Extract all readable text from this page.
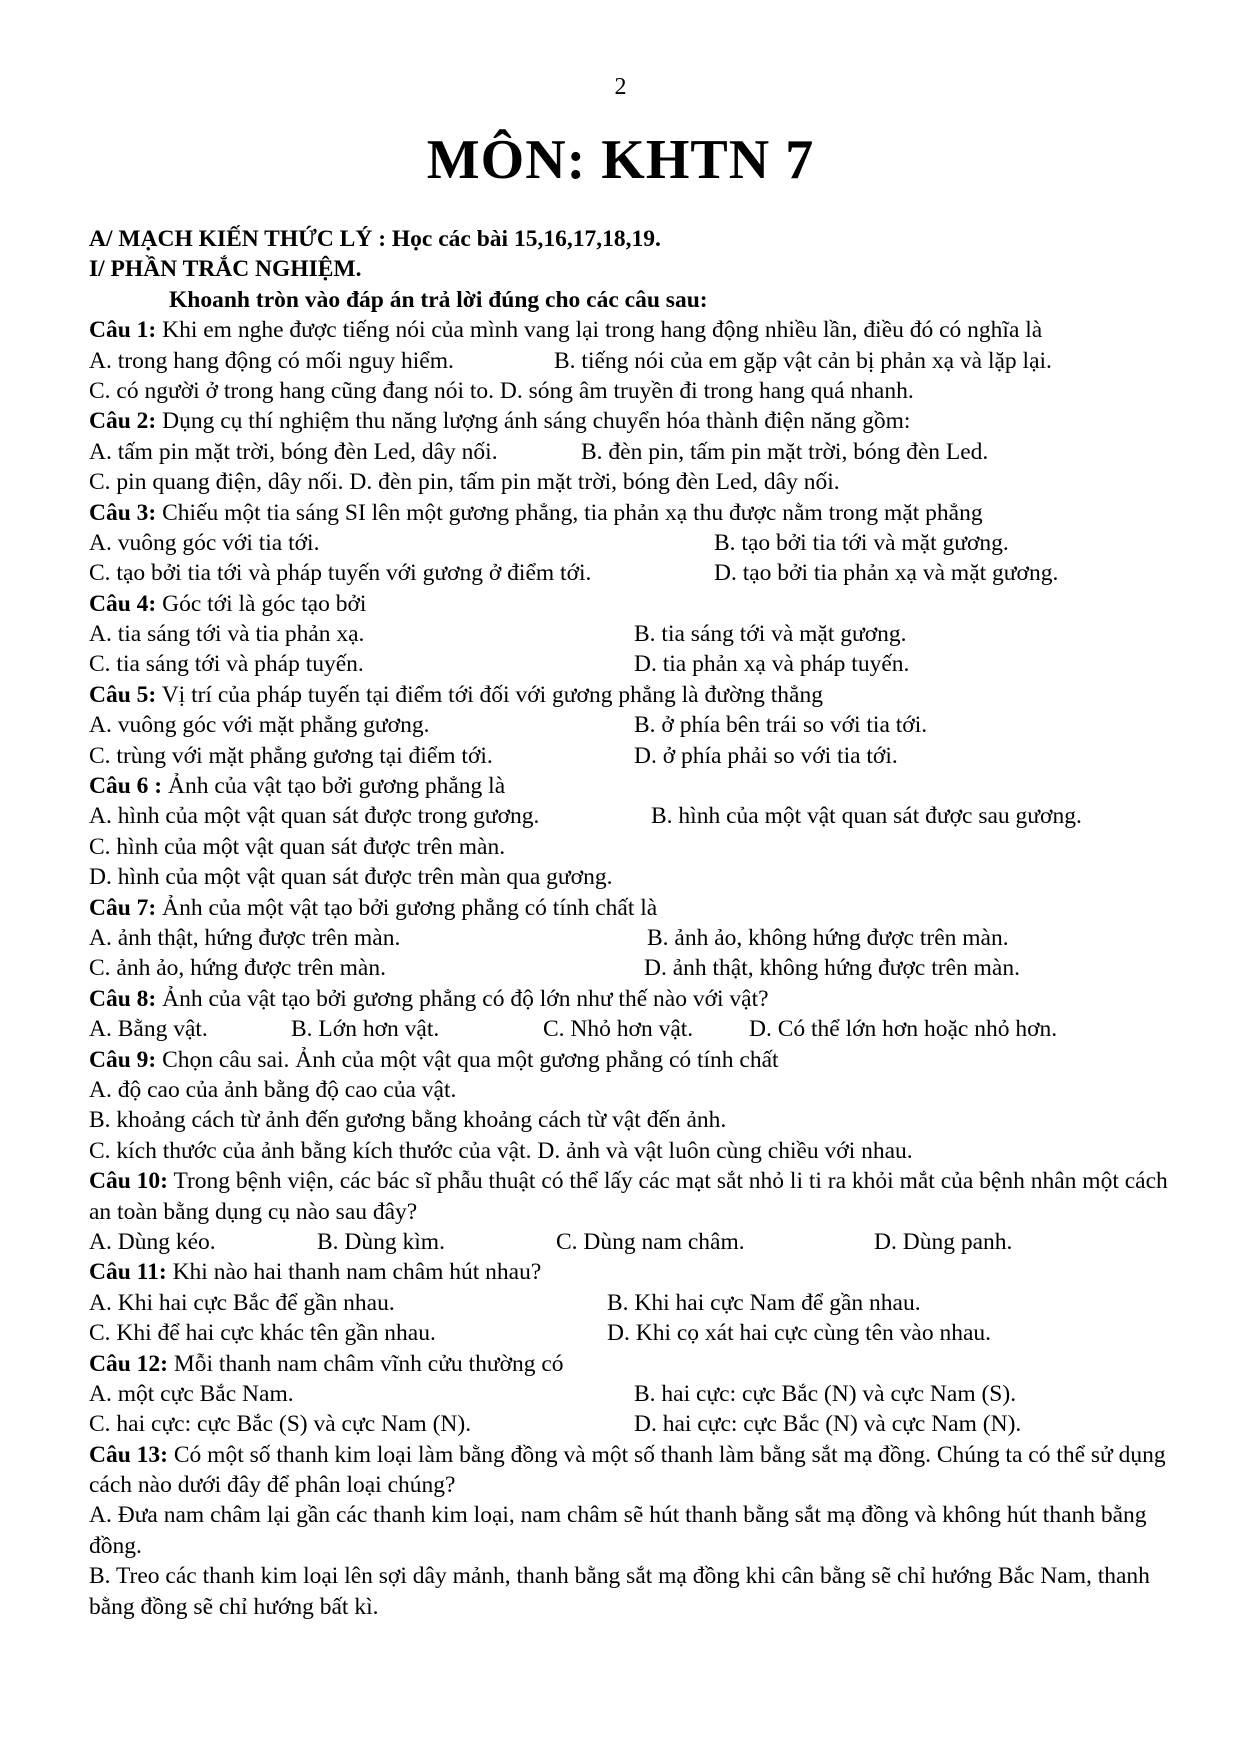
2
MÔN: KHTN 7
A/ MẠCH KIẾN THỨC LÝ : Học các bài 15,16,17,18,19.
I/ PHẦN TRẮC NGHIỆM.
Khoanh tròn vào đáp án trả lời đúng cho các câu sau:
Câu 1: Khi em nghe được tiếng nói của mình vang lại trong hang động nhiều lần, điều đó có nghĩa là
A. trong hang động có mối nguy hiểm.	B. tiếng nói của em gặp vật cản bị phản xạ và lặp lại.
C. có người ở trong hang cũng đang nói to. D. sóng âm truyền đi trong hang quá nhanh.
Câu 2: Dụng cụ thí nghiệm thu năng lượng ánh sáng chuyển hóa thành điện năng gồm:
A. tấm pin mặt trời, bóng đèn Led, dây nối.	B. đèn pin, tấm pin mặt trời, bóng đèn Led.
C. pin quang điện, dây nối. D. đèn pin, tấm pin mặt trời, bóng đèn Led, dây nối.
Câu 3: Chiếu một tia sáng SI lên một gương phẳng, tia phản xạ thu được nằm trong mặt phẳng
A. vuông góc với tia tới.	B. tạo bởi tia tới và mặt gương.
C. tạo bởi tia tới và pháp tuyến với gương ở điểm tới.	D. tạo bởi tia phản xạ và mặt gương.
Câu 4: Góc tới là góc tạo bởi
A. tia sáng tới và tia phản xạ.	B. tia sáng tới và mặt gương.
C. tia sáng tới và pháp tuyến.	D. tia phản xạ và pháp tuyến.
Câu 5: Vị trí của pháp tuyến tại điểm tới đối với gương phẳng là đường thẳng
A. vuông góc với mặt phẳng gương.	B. ở phía bên trái so với tia tới.
C. trùng với mặt phẳng gương tại điểm tới.	D. ở phía phải so với tia tới.
Câu 6 : Ảnh của vật tạo bởi gương phẳng là
A. hình của một vật quan sát được trong gương.	B. hình của một vật quan sát được sau gương.
C. hình của một vật quan sát được trên màn.
D. hình của một vật quan sát được trên màn qua gương.
Câu 7: Ảnh của một vật tạo bởi gương phẳng có tính chất là
A. ảnh thật, hứng được trên màn.	B. ảnh ảo, không hứng được trên màn.
C. ảnh ảo, hứng được trên màn.	D. ảnh thật, không hứng được trên màn.
Câu 8: Ảnh của vật tạo bởi gương phẳng có độ lớn như thế nào với vật?
A. Bằng vật.	B. Lớn hơn vật.	C. Nhỏ hơn vật.	D. Có thể lớn hơn hoặc nhỏ hơn.
Câu 9: Chọn câu sai. Ảnh của một vật qua một gương phẳng có tính chất
A. độ cao của ảnh bằng độ cao của vật.
B. khoảng cách từ ảnh đến gương bằng khoảng cách từ vật đến ảnh.
C. kích thước của ảnh bằng kích thước của vật. D. ảnh và vật luôn cùng chiều với nhau.
Câu 10: Trong bệnh viện, các bác sĩ phẫu thuật có thể lấy các mạt sắt nhỏ li ti ra khỏi mắt của bệnh nhân một cách an toàn bằng dụng cụ nào sau đây?
A. Dùng kéo.	B. Dùng kìm.	C. Dùng nam châm.	D. Dùng panh.
Câu 11: Khi nào hai thanh nam châm hút nhau?
A. Khi hai cực Bắc để gần nhau.	B. Khi hai cực Nam để gần nhau.
C. Khi để hai cực khác tên gần nhau.	D. Khi cọ xát hai cực cùng tên vào nhau.
Câu 12: Mỗi thanh nam châm vĩnh cửu thường có
A. một cực Bắc Nam.	B. hai cực: cực Bắc (N) và cực Nam (S).
C. hai cực: cực Bắc (S) và cực Nam (N).	D. hai cực: cực Bắc (N) và cực Nam (N).
Câu 13: Có một số thanh kim loại làm bằng đồng và một số thanh làm bằng sắt mạ đồng. Chúng ta có thể sử dụng cách nào dưới đây để phân loại chúng?
A. Đưa nam châm lại gần các thanh kim loại, nam châm sẽ hút thanh bằng sắt mạ đồng và không hút thanh bằng đồng.
B. Treo các thanh kim loại lên sợi dây mảnh, thanh bằng sắt mạ đồng khi cân bằng sẽ chỉ hướng Bắc Nam, thanh bằng đồng sẽ chỉ hướng bất kì.
